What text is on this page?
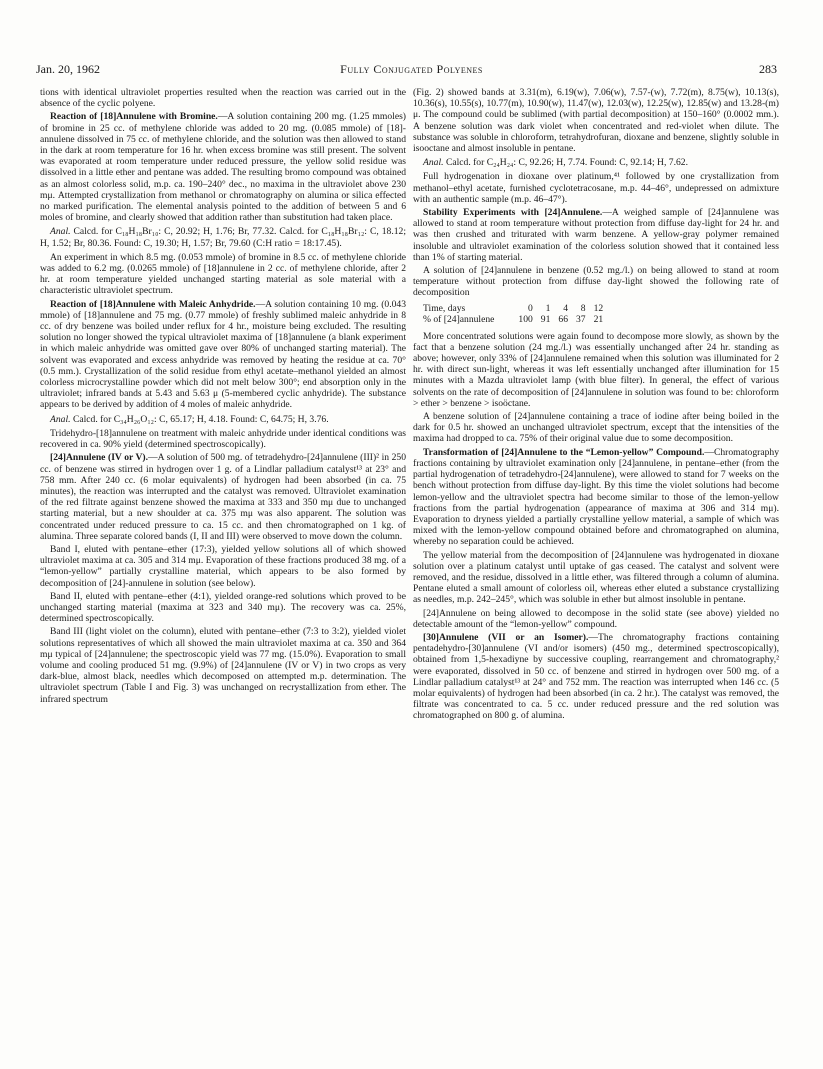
Jan. 20, 1962	Fully Conjugated Polyenes	283

tions with identical ultraviolet properties resulted when the reaction was carried out in the absence of the cyclic polyene.

Reaction of [18]Annulene with Bromine.—A solution containing 200 mg. (1.25 mmoles) of bromine in 25 cc. of methylene chloride was added to 20 mg. (0.085 mmole) of [18]-annulene dissolved in 75 cc. of methylene chloride, and the solution was then allowed to stand in the dark at room temperature for 16 hr. when excess bromine was still present. The solvent was evaporated at room temperature under reduced pressure, the yellow solid residue was dissolved in a little ether and pentane was added. The resulting bromo compound was obtained as an almost colorless solid, m.p. ca. 190–240° dec., no maxima in the ultraviolet above 230 mμ. Attempted crystallization from methanol or chromatography on alumina or silica effected no marked purification. The elemental analysis pointed to the addition of between 5 and 6 moles of bromine, and clearly showed that addition rather than substitution had taken place.

Anal. Calcd. for C₁₈H₁₈Br₁₀: C, 20.92; H, 1.76; Br, 77.32. Calcd. for C₁₈H₁₈Br₁₂: C, 18.12; H, 1.52; Br, 80.36. Found: C, 19.30; H, 1.57; Br, 79.60 (C:H ratio = 18:17.45).

An experiment in which 8.5 mg. (0.053 mmole) of bromine in 8.5 cc. of methylene chloride was added to 6.2 mg. (0.0265 mmole) of [18]annulene in 2 cc. of methylene chloride, after 2 hr. at room temperature yielded unchanged starting material as sole material with a characteristic ultraviolet spectrum.

Reaction of [18]Annulene with Maleic Anhydride.—A solution containing 10 mg. (0.043 mmole) of [18]annulene and 75 mg. (0.77 mmole) of freshly sublimed maleic anhydride in 8 cc. of dry benzene was boiled under reflux for 4 hr., moisture being excluded. The resulting solution no longer showed the typical ultraviolet maxima of [18]annulene (a blank experiment in which maleic anhydride was omitted gave over 80% of unchanged starting material). The solvent was evaporated and excess anhydride was removed by heating the residue at ca. 70° (0.5 mm.). Crystallization of the solid residue from ethyl acetate–methanol yielded an almost colorless microcrystalline powder which did not melt below 300°; end absorption only in the ultraviolet; infrared bands at 5.43 and 5.63 μ (5-membered cyclic anhydride). The substance appears to be derived by addition of 4 moles of maleic anhydride.

Anal. Calcd. for C₃₄H₂₆O₁₂: C, 65.17; H, 4.18. Found: C, 64.75; H, 3.76.

Tridehydro-[18]annulene on treatment with maleic anhydride under identical conditions was recovered in ca. 90% yield (determined spectroscopically).

[24]Annulene (IV or V).—A solution of 500 mg. of tetradehydro-[24]annulene (III)² in 250 cc. of benzene was stirred in hydrogen over 1 g. of a Lindlar palladium catalyst¹³ at 23° and 758 mm. After 240 cc. (6 molar equivalents) of hydrogen had been absorbed (in ca. 75 minutes), the reaction was interrupted and the catalyst was removed. Ultraviolet examination of the red filtrate against benzene showed the maxima at 333 and 350 mμ due to unchanged starting material, but a new shoulder at ca. 375 mμ was also apparent. The solution was concentrated under reduced pressure to ca. 15 cc. and then chromatographed on 1 kg. of alumina. Three separate colored bands (I, II and III) were observed to move down the column.

Band I, eluted with pentane–ether (17:3), yielded yellow solutions all of which showed ultraviolet maxima at ca. 305 and 314 mμ. Evaporation of these fractions produced 38 mg. of a “lemon-yellow” partially crystalline material, which appears to be also formed by decomposition of [24]-annulene in solution (see below).

Band II, eluted with pentane–ether (4:1), yielded orange-red solutions which proved to be unchanged starting material (maxima at 323 and 340 mμ). The recovery was ca. 25%, determined spectroscopically.

Band III (light violet on the column), eluted with pentane–ether (7:3 to 3:2), yielded violet solutions representatives of which all showed the main ultraviolet maxima at ca. 350 and 364 mμ typical of [24]annulene; the spectroscopic yield was 77 mg. (15.0%). Evaporation to small volume and cooling produced 51 mg. (9.9%) of [24]annulene (IV or V) in two crops as very dark-blue, almost black, needles which decomposed on attempted m.p. determination. The ultraviolet spectrum (Table I and Fig. 3) was unchanged on recrystallization from ether. The infrared spectrum

(Fig. 2) showed bands at 3.31(m), 6.19(w), 7.06(w), 7.57-(w), 7.72(m), 8.75(w), 10.13(s), 10.36(s), 10.55(s), 10.77(m), 10.90(w), 11.47(w), 12.03(w), 12.25(w), 12.85(w) and 13.28-(m) μ. The compound could be sublimed (with partial decomposition) at 150–160° (0.0002 mm.). A benzene solution was dark violet when concentrated and red-violet when dilute. The substance was soluble in chloroform, tetrahydrofuran, dioxane and benzene, slightly soluble in isooctane and almost insoluble in pentane.

Anal. Calcd. for C₂₄H₂₄: C, 92.26; H, 7.74. Found: C, 92.14; H, 7.62.

Full hydrogenation in dioxane over platinum,⁴¹ followed by one crystallization from methanol–ethyl acetate, furnished cyclotetracosane, m.p. 44–46°, undepressed on admixture with an authentic sample (m.p. 46–47°).

Stability Experiments with [24]Annulene.—A weighed sample of [24]annulene was allowed to stand at room temperature without protection from diffuse day-light for 24 hr. and was then crushed and triturated with warm benzene. A yellow-gray polymer remained insoluble and ultraviolet examination of the colorless solution showed that it contained less than 1% of starting material.

A solution of [24]annulene in benzene (0.52 mg./l.) on being allowed to stand at room temperature without protection from diffuse day-light showed the following rate of decomposition

Time, days	0	1	4	8	12
% of [24]annulene	100	91	66	37	21

More concentrated solutions were again found to decompose more slowly, as shown by the fact that a benzene solution (24 mg./l.) was essentially unchanged after 24 hr. standing as above; however, only 33% of [24]annulene remained when this solution was illuminated for 2 hr. with direct sun-light, whereas it was left essentially unchanged after illumination for 15 minutes with a Mazda ultraviolet lamp (with blue filter). In general, the effect of various solvents on the rate of decomposition of [24]annulene in solution was found to be: chloroform > ether > benzene > isoöctane.

A benzene solution of [24]annulene containing a trace of iodine after being boiled in the dark for 0.5 hr. showed an unchanged ultraviolet spectrum, except that the intensities of the maxima had dropped to ca. 75% of their original value due to some decomposition.

Transformation of [24]Annulene to the “Lemon-yellow” Compound.—Chromatography fractions containing by ultraviolet examination only [24]annulene, in pentane–ether (from the partial hydrogenation of tetradehydro-[24]annulene), were allowed to stand for 7 weeks on the bench without protection from diffuse day-light. By this time the violet solutions had become lemon-yellow and the ultraviolet spectra had become similar to those of the lemon-yellow fractions from the partial hydrogenation (appearance of maxima at 306 and 314 mμ). Evaporation to dryness yielded a partially crystalline yellow material, a sample of which was mixed with the lemon-yellow compound obtained before and chromatographed on alumina, whereby no separation could be achieved.

The yellow material from the decomposition of [24]annulene was hydrogenated in dioxane solution over a platinum catalyst until uptake of gas ceased. The catalyst and solvent were removed, and the residue, dissolved in a little ether, was filtered through a column of alumina. Pentane eluted a small amount of colorless oil, whereas ether eluted a substance crystallizing as needles, m.p. 242–245°, which was soluble in ether but almost insoluble in pentane.

[24]Annulene on being allowed to decompose in the solid state (see above) yielded no detectable amount of the “lemon-yellow” compound.

[30]Annulene (VII or an Isomer).—The chromatography fractions containing pentadehydro-[30]annulene (VI and/or isomers) (450 mg., determined spectroscopically), obtained from 1,5-hexadiyne by successive coupling, rearrangement and chromatography,² were evaporated, dissolved in 50 cc. of benzene and stirred in hydrogen over 500 mg. of a Lindlar palladium catalyst¹³ at 24° and 752 mm. The reaction was interrupted when 146 cc. (5 molar equivalents) of hydrogen had been absorbed (in ca. 2 hr.). The catalyst was removed, the filtrate was concentrated to ca. 5 cc. under reduced pressure and the red solution was chromatographed on 800 g. of alumina.
